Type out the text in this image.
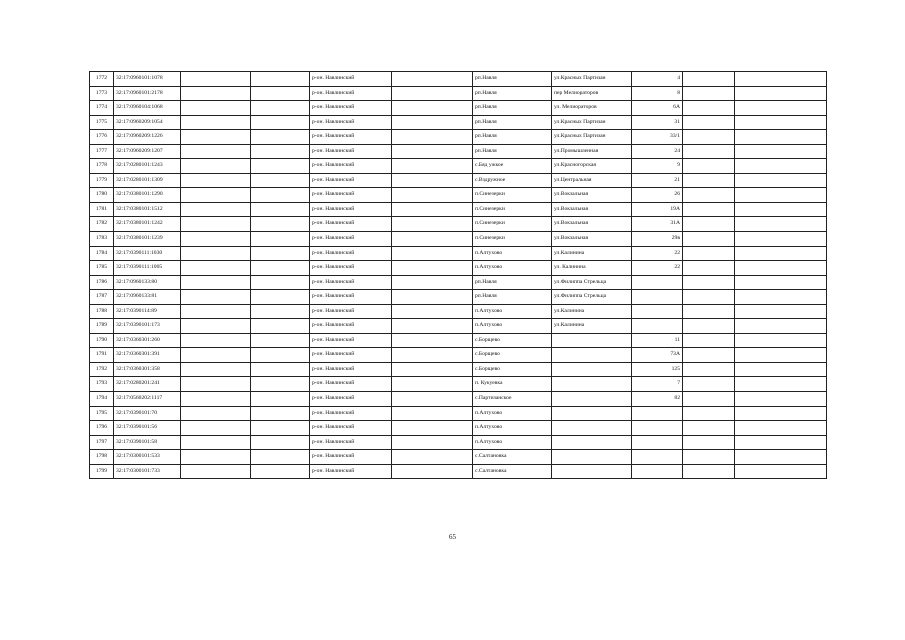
1772	32:17:0960101:1078			р-он. Навлинский		рп.Навля	ул.Красных Партизан	4		
1773	32:17:0960101:2178			р-он. Навлинский		рп.Навля	пер Мелиораторов	8		
1774	32:17:0960104:1068			р-он. Навлинский		рп.Навля	ул. Мелиораторов	6А		
1775	32:17:0960209:1054			р-он. Навлинский		рп.Навля	ул.Красных Партизан	31		
1776	32:17:0960209:1226			р-он. Навлинский		рп.Навля	ул.Красных Партизан	33/1		
1777	32:17:0960209:1207			р-он. Навлинский		рп.Навля	ул.Промышленная	24		
1778	32:17:0280101:1243			р-он. Навлинский		с.Бяд ужкое	ул.Красногорская	9		
1779	32:17:0280101:1309			р-он. Навлинский		с.Вздружное	ул.Центральная	21		
1780	32:17:0380101:1290			р-он. Навлинский		п.Синезерки	ул.Вокзальная	26		
1781	32:17:0380101:1512			р-он. Навлинский		п.Синезерки	ул.Вокзальная	19А		
1782	32:17:0380101:1242			р-он. Навлинский		п.Синезерки	ул.Вокзальная	31А		
1783	32:17:0380101:1239			р-он. Навлинский		п.Синезерки	ул.Вокзальная	29в		
1784	32:17:0390111:1030			р-он. Навлинский		п.Алтухово	ул.Калинина	22		
1785	32:17:0390111:1005			р-он. Навлинский		п.Алтухово	ул. Калинина	22		
1786	32:17:0960133:80			р-он. Навлинский		рп.Навля	ул.Филиппа Стрельца			
1787	32:17:0960133:81			р-он. Навлинский		рп.Навля	ул.Филиппа Стрельца			
1788	32:17:0390114:89			р-он. Навлинский		п.Алтухово	ул.Калинина			
1789	32:17:0390101:173			р-он. Навлинский		п.Алтухово	ул.Калинина			
1790	32:17:0360301:260			р-он. Навлинский		с.Борщево		11		
1791	32:17:0360301:391			р-он. Навлинский		с.Борщево		73А		
1792	32:17:0360301:358			р-он. Навлинский		с.Борщево		125		
1793	32:17:0280201:241			р-он. Навлинский		п. Кукуевка		7		
1794	32:17:0560202:1117			р-он. Навлинский		с.Партизанское		82		
1795	32:17:0390101:70			р-он. Навлинский		п.Алтухово				
1796	32:17:0390101:56			р-он. Навлинский		п.Алтухово				
1797	32:17:0390101:58			р-он. Навлинский		п.Алтухово				
1798	32:17:0300101:533			р-он. Навлинский		с.Салтановка				
1799	32:17:0300101:733			р-он. Навлинский		с.Салтановка				
65
